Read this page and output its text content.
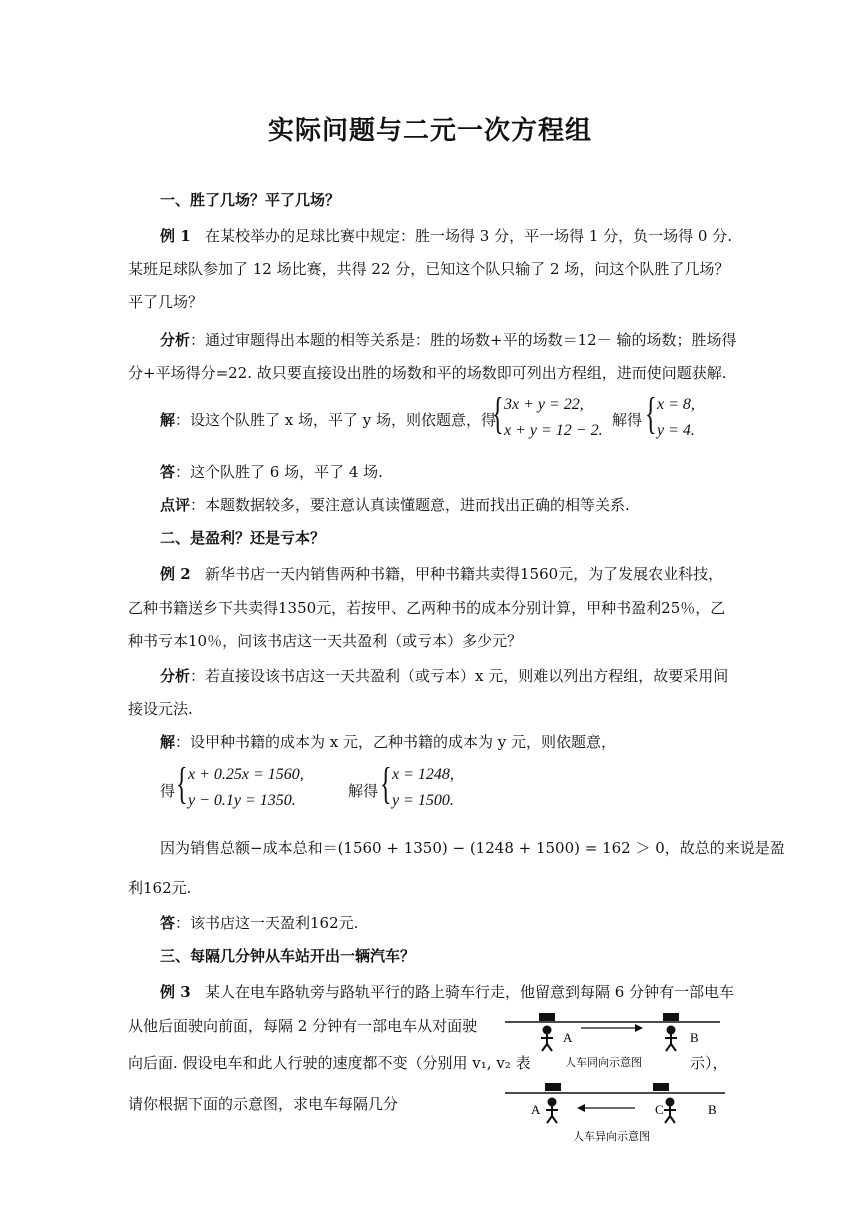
实际问题与二元一次方程组
一、胜了几场？平了几场？
例 1 在某校举办的足球比赛中规定：胜一场得 3 分，平一场得 1 分，负一场得 0 分.
某班足球队参加了 12 场比赛，共得 22 分，已知这个队只输了 2 场，问这个队胜了几场？
平了几场？
分析：通过审题得出本题的相等关系是：胜的场数+平的场数＝12－ 输的场数；胜场得
分+平场得分=22. 故只要直接设出胜的场数和平的场数即可列出方程组，进而使问题获解.
解：设这个队胜了 x 场，平了 y 场，则依题意，得
{ 3x + y = 22,
x + y = 12 − 2.
解得 { x = 8,
y = 4.
答：这个队胜了 6 场，平了 4 场.
点评：本题数据较多，要注意认真读懂题意，进而找出正确的相等关系.
二、是盈利？还是亏本？
例 2 新华书店一天内销售两种书籍，甲种书籍共卖得1560元，为了发展农业科技，
乙种书籍送乡下共卖得1350元，若按甲、乙两种书的成本分别计算，甲种书盈利25％，乙
种书亏本10％，问该书店这一天共盈利（或亏本）多少元？
分析：若直接设该书店这一天共盈利（或亏本）x 元，则难以列出方程组，故要采用间
接设元法.
解：设甲种书籍的成本为 x 元，乙种书籍的成本为 y 元，则依题意，
得 { x + 0.25x = 1560,
y − 0.1y = 1350.
解得 { x = 1248,
y = 1500.
因为销售总额−成本总和＝(1560 + 1350) − (1248 + 1500) = 162 ＞ 0，故总的来说是盈
利162元.
答：该书店这一天盈利162元.
三、每隔几分钟从车站开出一辆汽车？
例 3 某人在电车路轨旁与路轨平行的路上骑车行走，他留意到每隔 6 分钟有一部电车
从他后面驶向前面，每隔 2 分钟有一部电车从对面驶
向后面. 假设电车和此人行驶的速度都不变（分别用 v₁, v₂ 表	示），
请你根据下面的示意图，求电车每隔几分
A	B
人车同向示意图
A	C	B
人车异向示意图
